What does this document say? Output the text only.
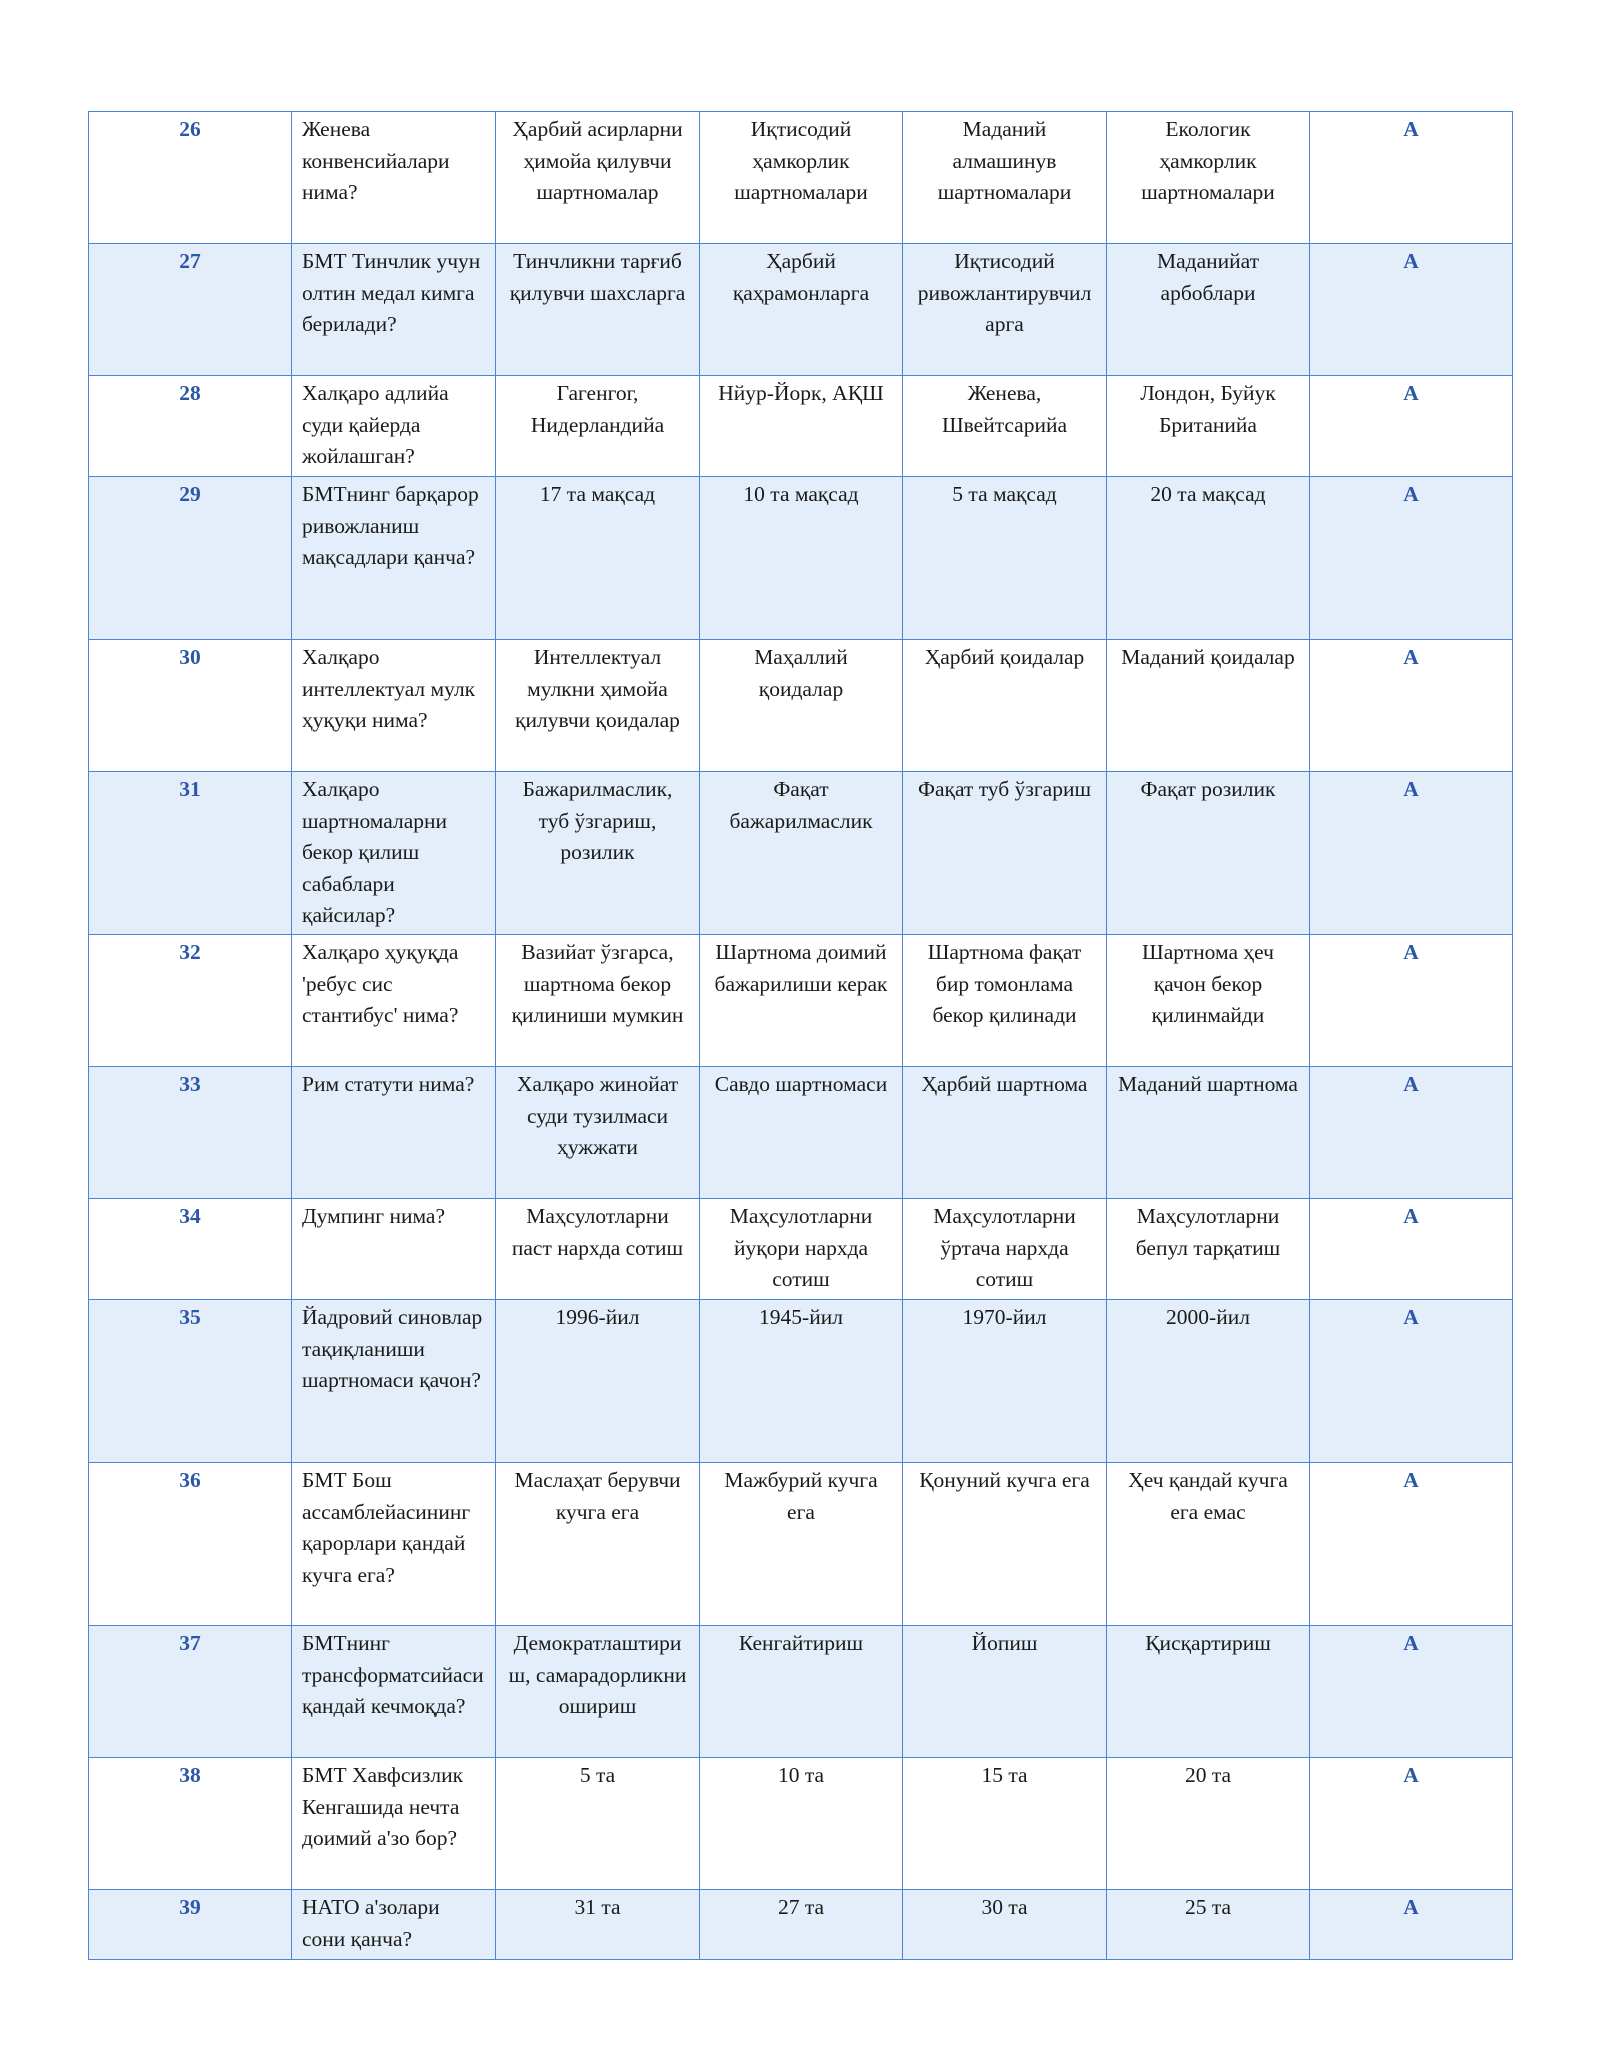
26	Женева конвенсийалари нима?	Ҳарбий асирларни ҳимойа қилувчи шартномалар	Иқтисодий ҳамкорлик шартномалари	Маданий алмашинув шартномалари	Екологик ҳамкорлик шартномалари	A
27	БМТ Тинчлик учун олтин медал кимга берилади?	Тинчликни тарғиб қилувчи шахсларга	Ҳарбий қаҳрамонларга	Иқтисодий ривожлантирувчиларга	Маданийат арбоблари	A
28	Халқаро адлийа суди қайерда жойлашган?	Гагенгог, Нидерландийа	Нйур-Йорк, АҚШ	Женева, Швейтсарийа	Лондон, Буйук Британийа	A
29	БМТнинг барқарор ривожланиш мақсадлари қанча?	17 та мақсад	10 та мақсад	5 та мақсад	20 та мақсад	A
30	Халқаро интеллектуал мулк ҳуқуқи нима?	Интеллектуал мулкни ҳимойа қилувчи қоидалар	Маҳаллий қоидалар	Ҳарбий қоидалар	Маданий қоидалар	A
31	Халқаро шартномаларни бекор қилиш сабаблари қайсилар?	Бажарилмаслик, туб ўзгариш, розилик	Фақат бажарилмаслик	Фақат туб ўзгариш	Фақат розилик	A
32	Халқаро ҳуқуқда 'ребус сис стантибус' нима?	Вазийат ўзгарса, шартнома бекор қилиниши мумкин	Шартнома доимий бажарилиши керак	Шартнома фақат бир томонлама бекор қилинади	Шартнома ҳеч қачон бекор қилинмайди	A
33	Рим статути нима?	Халқаро жинойат суди тузилмаси ҳужжати	Савдо шартномаси	Ҳарбий шартнома	Маданий шартнома	A
34	Думпинг нима?	Маҳсулотларни паст нархда сотиш	Маҳсулотларни йуқори нархда сотиш	Маҳсулотларни ўртача нархда сотиш	Маҳсулотларни бепул тарқатиш	A
35	Йадровий синовлар тақиқланиши шартномаси қачон?	1996-йил	1945-йил	1970-йил	2000-йил	A
36	БМТ Бош ассамблейасининг қарорлари қандай кучга ега?	Маслаҳат берувчи кучга ега	Мажбурий кучга ега	Қонуний кучга ега	Ҳеч қандай кучга ега емас	A
37	БМТнинг трансформатсийаси қандай кечмоқда?	Демократлаштириш, самарадорликни ошириш	Кенгайтириш	Йопиш	Қисқартириш	A
38	БМТ Хавфсизлик Кенгашида нечта доимий а'зо бор?	5 та	10 та	15 та	20 та	A
39	НАТО а'золари сони қанча?	31 та	27 та	30 та	25 та	A
